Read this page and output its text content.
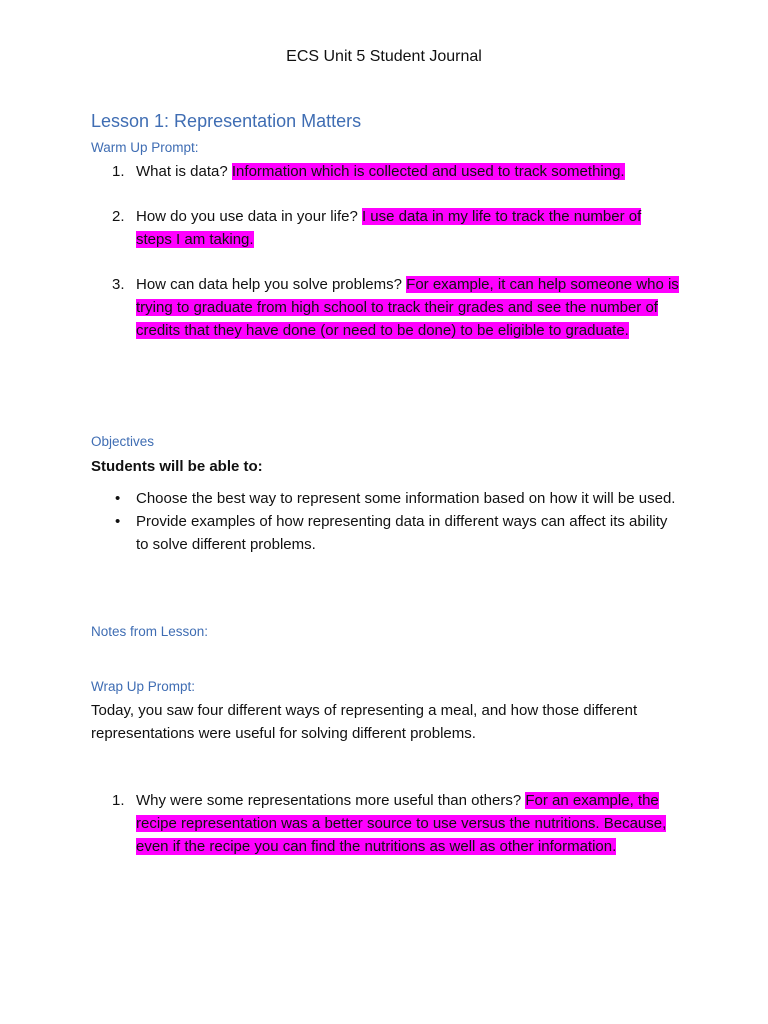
ECS Unit 5 Student Journal
Lesson 1: Representation Matters
Warm Up Prompt:
1. What is data? Information which is collected and used to track something.
2. How do you use data in your life? I use data in my life to track the number of steps I am taking.
3. How can data help you solve problems? For example, it can help someone who is trying to graduate from high school to track their grades and see the number of credits that they have done (or need to be done) to be eligible to graduate.
Objectives
Students will be able to:
• Choose the best way to represent some information based on how it will be used.
• Provide examples of how representing data in different ways can affect its ability to solve different problems.
Notes from Lesson:
Wrap Up Prompt:
Today, you saw four different ways of representing a meal, and how those different representations were useful for solving different problems.
1. Why were some representations more useful than others? For an example, the recipe representation was a better source to use versus the nutritions. Because, even if the recipe you can find the nutritions as well as other information.
